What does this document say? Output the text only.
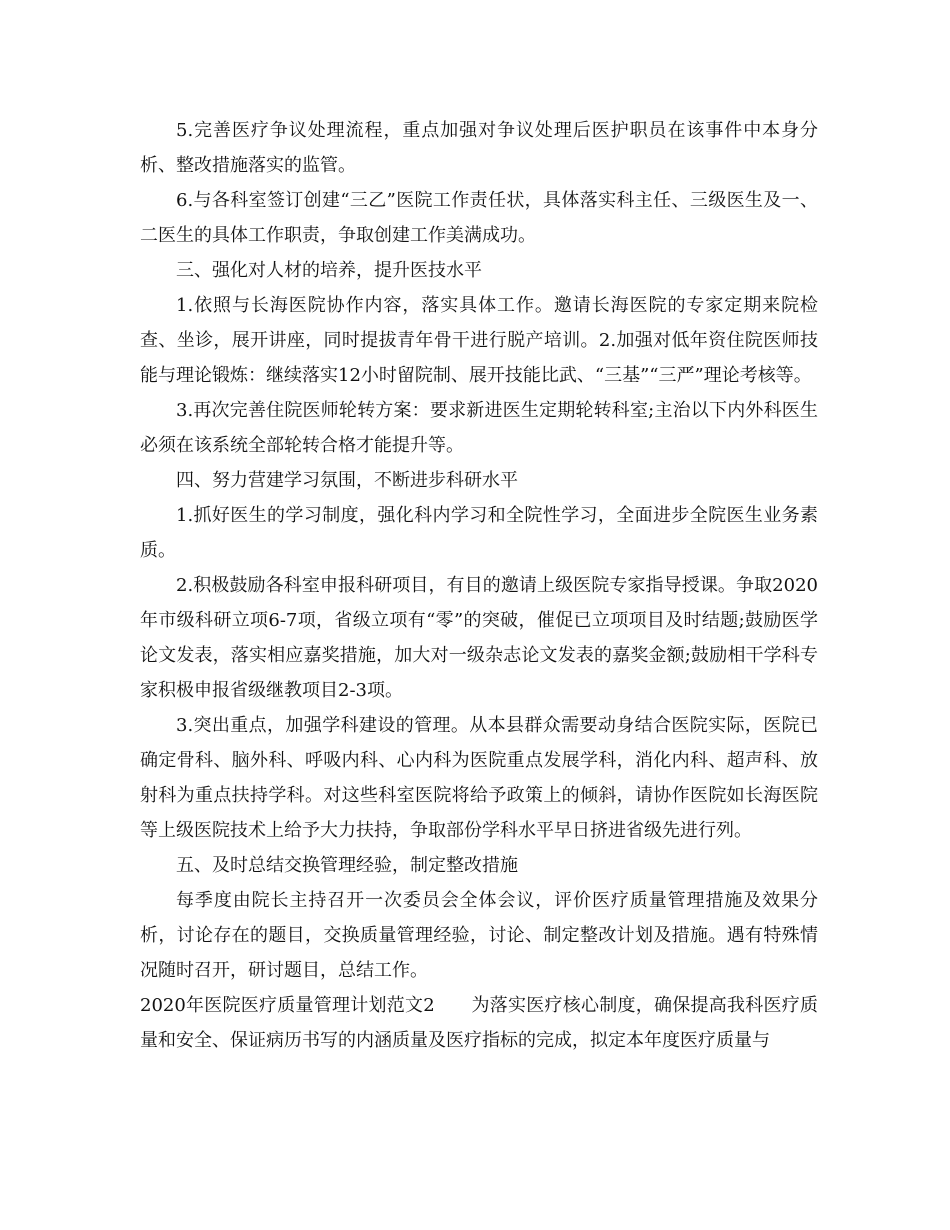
5.完善医疗争议处理流程，重点加强对争议处理后医护职员在该事件中本身分析、整改措施落实的监管。

6.与各科室签订创建“三乙”医院工作责任状，具体落实科主任、三级医生及一、二医生的具体工作职责，争取创建工作美满成功。

三、强化对人材的培养，提升医技水平

1.依照与长海医院协作内容，落实具体工作。邀请长海医院的专家定期来院检查、坐诊，展开讲座，同时提拔青年骨干进行脱产培训。2.加强对低年资住院医师技能与理论锻炼：继续落实12小时留院制、展开技能比武、“三基”“三严”理论考核等。

3.再次完善住院医师轮转方案：要求新进医生定期轮转科室;主治以下内外科医生必须在该系统全部轮转合格才能提升等。

四、努力营建学习氛围，不断进步科研水平

1.抓好医生的学习制度，强化科内学习和全院性学习，全面进步全院医生业务素质。

2.积极鼓励各科室申报科研项目，有目的邀请上级医院专家指导授课。争取2020年市级科研立项6-7项，省级立项有“零”的突破，催促已立项项目及时结题;鼓励医学论文发表，落实相应嘉奖措施，加大对一级杂志论文发表的嘉奖金额;鼓励相干学科专家积极申报省级继教项目2-3项。

3.突出重点，加强学科建设的管理。从本县群众需要动身结合医院实际，医院已确定骨科、脑外科、呼吸内科、心内科为医院重点发展学科，消化内科、超声科、放射科为重点扶持学科。对这些科室医院将给予政策上的倾斜，请协作医院如长海医院等上级医院技术上给予大力扶持，争取部份学科水平早日挤进省级先进行列。

五、及时总结交换管理经验，制定整改措施

每季度由院长主持召开一次委员会全体会议，评价医疗质量管理措施及效果分析，讨论存在的题目，交换质量管理经验，讨论、制定整改计划及措施。遇有特殊情况随时召开，研讨题目，总结工作。

2020年医院医疗质量管理计划范文2　　为落实医疗核心制度，确保提高我科医疗质量和安全、保证病历书写的内涵质量及医疗指标的完成，拟定本年度医疗质量与
